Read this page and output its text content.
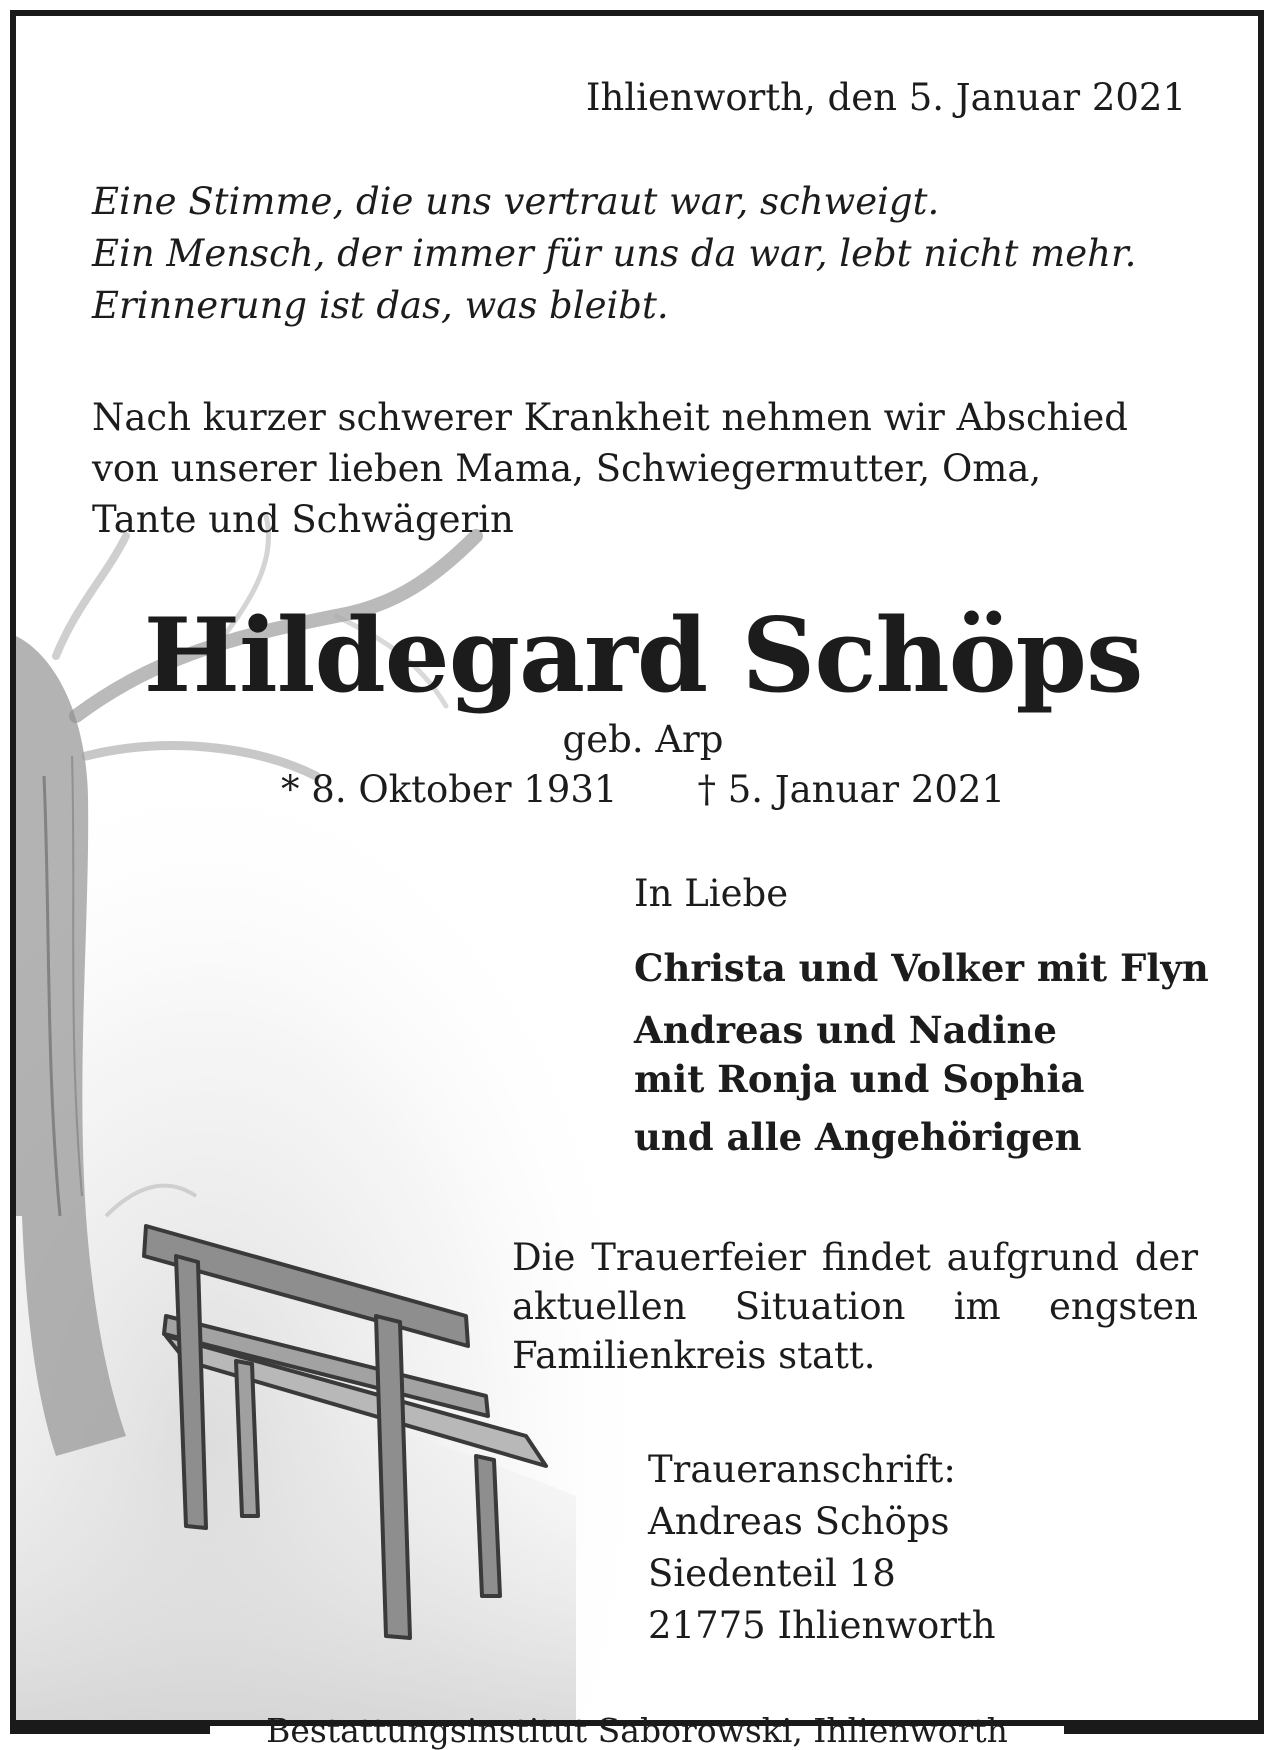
Ihlienworth, den 5. Januar 2021
Eine Stimme, die uns vertraut war, schweigt.
Ein Mensch, der immer für uns da war, lebt nicht mehr.
Erinnerung ist das, was bleibt.
Nach kurzer schwerer Krankheit nehmen wir Abschied
von unserer lieben Mama, Schwiegermutter, Oma,
Tante und Schwägerin
Hildegard Schöps
geb. Arp
* 8. Oktober 1931 † 5. Januar 2021
In Liebe
Christa und Volker mit Flyn
Andreas und Nadine
mit Ronja und Sophia
und alle Angehörigen
Die Trauerfeier findet aufgrund der aktuellen Situation im engsten Familienkreis statt.
Traueranschrift:
Andreas Schöps
Siedenteil 18
21775 Ihlienworth
Bestattungsinstitut Saborowski, Ihlienworth
